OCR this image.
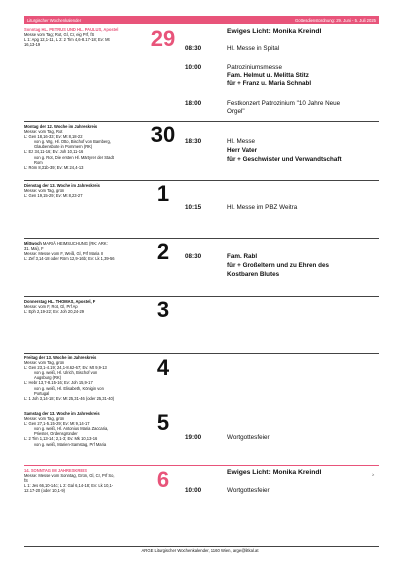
Liturgischer Wochenkalender	Gottesdienstordnung: 29. Juni - 5. Juli 2025
Sonntag HL. PETRUS UND HL. PAULUS, Apostel
Messe vom Tag; Rot, Gl, Cr, eig Prf, fS
L 1: Apg 12,1-11, L 2: 2 Tim 4,6-8.17-18; Ev: Mt
16,13-19	29	Ewiges Licht: Monika Kreindl
08:30	Hl. Messe in Spital
10:00	Patroziniumsmesse
Fam. Helmut u. Melitta Stitz
für + Franz u. Maria Schnabl
18:00	Festkonzert Patrozinium "10 Jahre Neue
Orgel"
Montag der 12. Woche im Jahreskreis
Messe: vom Tag, Rot
L: Gen 18,16-33; Ev: Mt 8,18-22
von g. Wg, Hl. Otto, Bischof von Bamberg,
Glaubensbote in Pommern (RK)
L: Ez 34,11-16; Ev: Joh 10,11-16
von g. Rot, Die ersten Hl. Märtyrer der Stadt
Rom
L: Röm 8,31b-39; Ev: Mt 24,4-13
30 18:30	Hl. Messe
Herr Vater
für + Geschwister und Verwandtschaft
Dienstag der 13. Woche im Jahreskreis
Messe: vom Tag, grün
L: Gen 19,15-29; Ev: Mt 8,23-27	1
10:15	Hl. Messe im PBZ Weitra
Mittwoch MARIÄ HEIMSUCHUNG (RK: ARK:
31. Mai), F
Messe: Messe vom F, Weiß, Gl, Prf Maria II
L: Zef 3,14-18 oder Röm 12,9-16b; Ev: Lk 1,39-56	2	08:30	Fam. Rabl
für + Großeltern und zu Ehren des
Kostbaren Blutes
Donnerstag HL. THOMAS, Apostel, F
Messe: vom F, Rot, Gl, Prf Ap
L: Eph 2,19-22; Ev: Joh 20,24-29	3
Freitag der 13. Woche im Jahreskreis
Messe: vom Tag, grün
L: Gen 23,1-4.19; 24,1-8.62-67; Ev: Mt 9,9-13
von g. weiß, Hl. Ulrich, Bischof von
Augsburg (RK)
L: Hebr 13,7-8.15-16; Ev: Joh 15,9-17
von g. weiß, Hl. Elisabeth, Königin von
Portugal
L: 1 Joh 3,14-18; Ev: Mt 25,31-46 (oder 25,31-40)
4
Samstag der 13. Woche im Jahreskreis
Messe: vom Tag, grün
L: Gen 27,1-5.15-29; Ev: Mt 9,14-17
von g. weiß, Hl. Antonius Maria Zaccaria,
Priester, Ordensgründer
L: 2 Tim 1,13-14; 2,1-3; Ev: Mk 10,13-16
von g. weiß, Marien-Samstag, Prf Maria
5
19:00	Wortgottesfeier
14. SONNTAG IM JAHRESKREIS
Messe: Messe vom Sonntag, Grün, Gl, Cr, Prf So,
fS
L 1: Jes 66,10-14c; L 2: Gal 6,14-18; Ev: Lk 10,1-
12.17-20 (oder 10,1-9)	6	Ewiges Licht: Monika Kreindl
10:00	Wortgottesfeier
≥
ARGE Liturgischer Wochenkalender, 1160 Wien, arge@litkal.at
